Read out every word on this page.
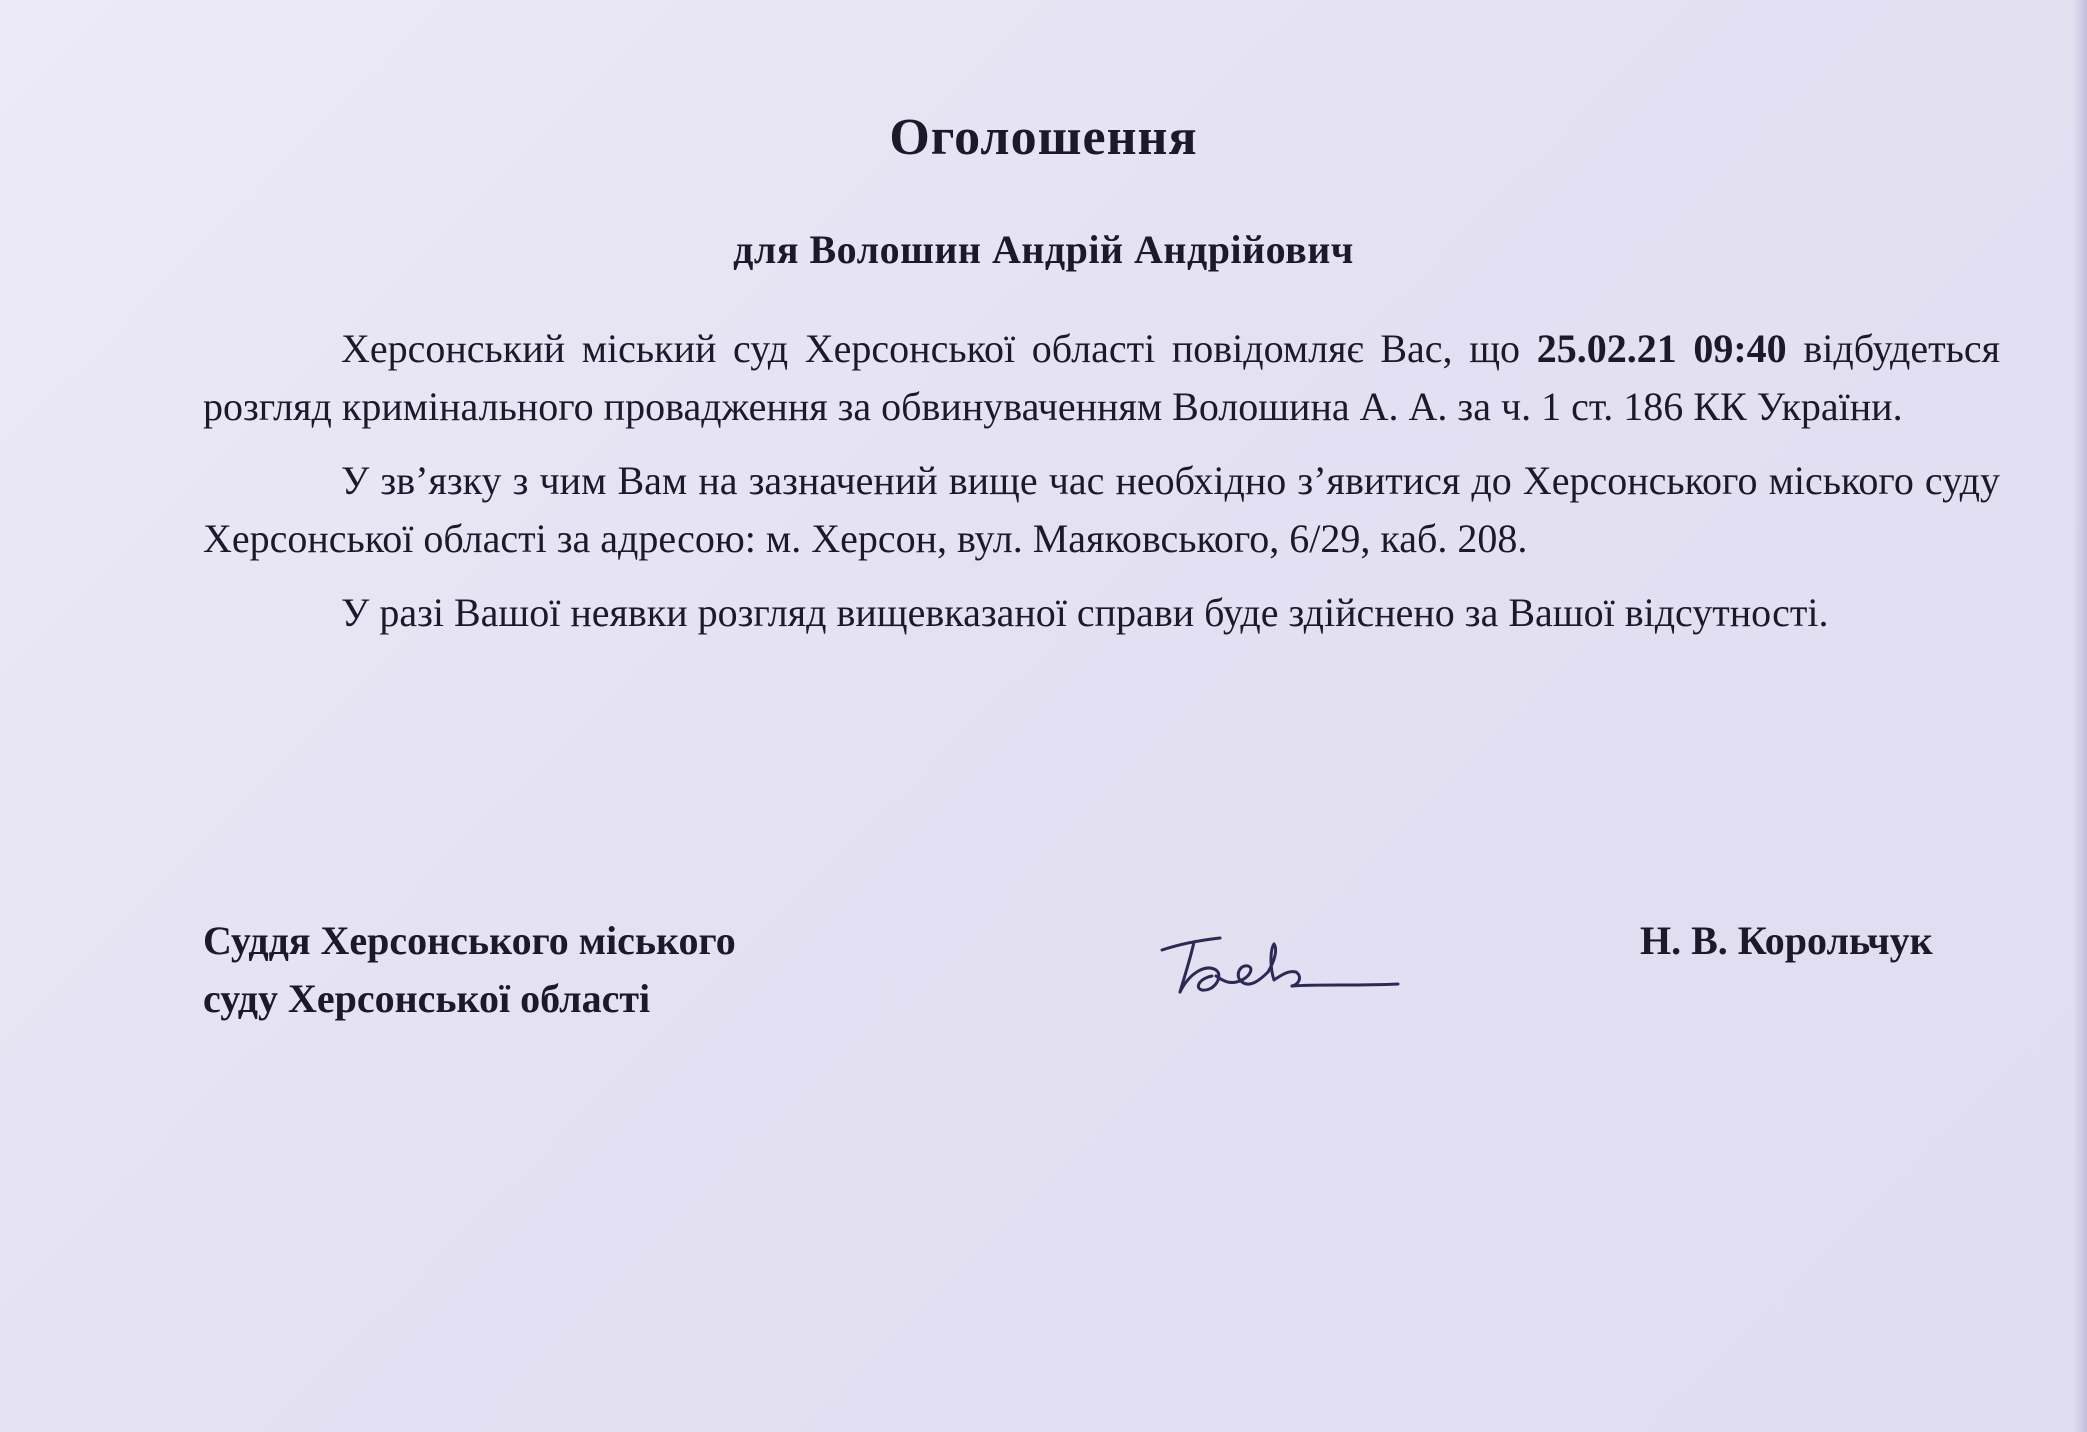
Оголошення
для Волошин Андрій Андрійович

Херсонський міський суд Херсонської області повідомляє Вас, що 25.02.21 09:40 відбудеться розгляд кримінального провадження за обвинуваченням Волошина А. А. за ч. 1 ст. 186 КК України.

У зв’язку з чим Вам на зазначений вище час необхідно з’явитися до Херсонського міського суду Херсонської області за адресою: м. Херсон, вул. Маяковського, 6/29, каб. 208.

У разі Вашої неявки розгляд вищевказаної справи буде здійснено за Вашої відсутності.

Суддя Херсонського міського
суду Херсонської області
Н. В. Корольчук
